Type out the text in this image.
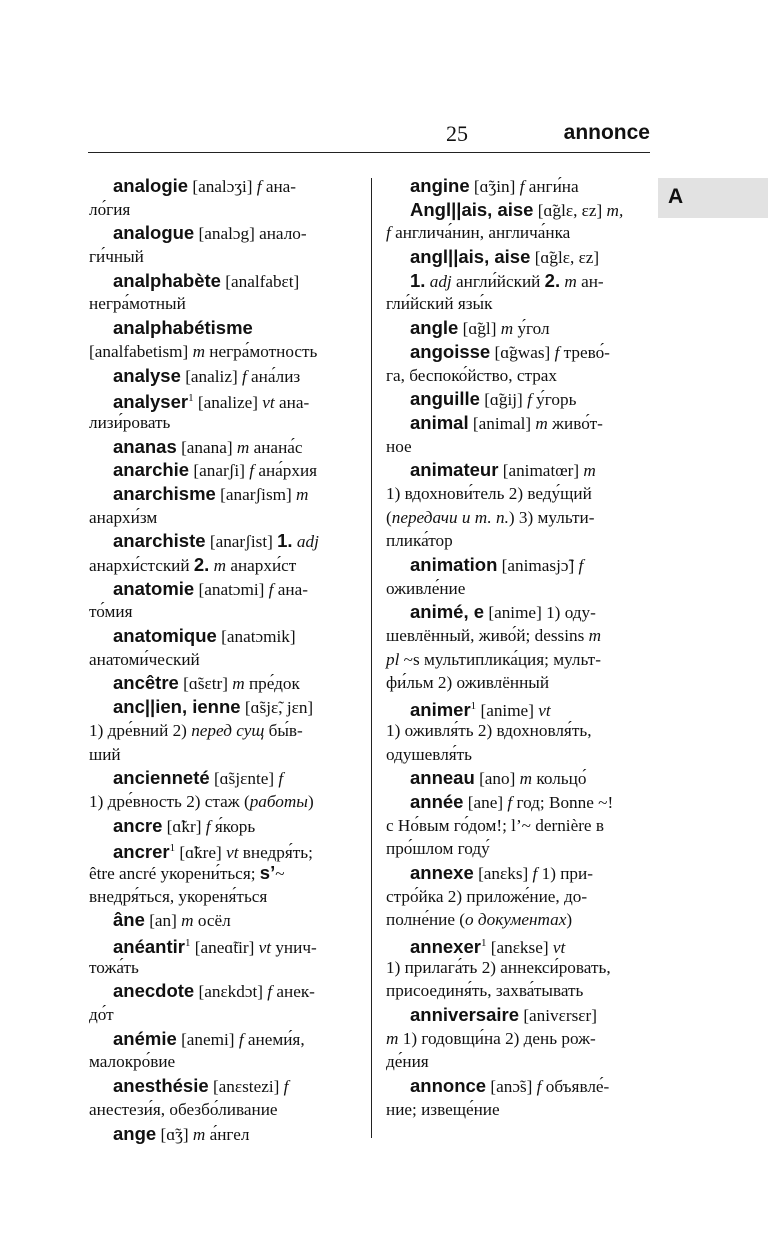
25	annonce
A
analogie [analɔʒi] f ана-
ло́гия
analogue [analɔg] анало-
ги́чный
analphabète [analfabɛt]
негра́мотный
analphabétisme
[analfabetism] m негра́мотность
analyse [analiz] f ана́лиз
analyser$^1$ [analize] vt ана-
лизи́ровать
ananas [anana] m анана́с
anarchie [anarʃi] f ана́рхия
anarchisme [anarʃism] m
анархи́зм
anarchiste [anarʃist] 1. adj
анархи́стский 2. m анархи́ст
anatomie [anatɔmi] f ана-
то́мия
anatomique [anatɔmik]
анатоми́ческий
ancêtre [ɑ̃sɛtr] m пре́док
anc||ien, ienne [ɑ̃sjɛ̃, jɛn]
1) дре́вний 2) перед сущ бы́в-
ший
ancienneté [ɑ̃sjɛnte] f
1) дре́вность 2) стаж (работы)
ancre [ɑ̃kr] f я́корь
ancrer$^1$ [ɑ̃kre] vt внедря́ть;
être ancré укорени́ться; s’~
внедря́ться, укореня́ться
âne [an] m осёл
anéantir$^1$ [aneɑ̃tir] vt унич-
тожа́ть
anecdote [anɛkdɔt] f анек-
до́т
anémie [anemi] f анеми́я,
малокро́вие
anesthésie [anɛstezi] f
анестези́я, обезбо́ливание
ange [ɑ̃ʒ] m а́нгел
angine [ɑ̃ʒin] f анги́на
Angl||ais, aise [ɑ̃glɛ, ɛz] m,
f англича́нин, англича́нка
angl||ais, aise [ɑ̃glɛ, ɛz]
1. adj англи́йский 2. m ан-
гли́йский язы́к
angle [ɑ̃gl] m у́гол
angoisse [ɑ̃gwas] f трево́-
га, беспоко́йство, страх
anguille [ɑ̃gij] f у́горь
animal [animal] m живо́т-
ное
animateur [animatœr] m
1) вдохнови́тель 2) веду́щий
(передачи и т. п.) 3) мульти-
плика́тор
animation [animasjɔ̃] f
оживле́ние
animé, e [anime] 1) оду-
шевлённый, живо́й; dessins m
pl ~s мультиплика́ция; мульт-
фи́льм 2) оживлённый
animer$^1$ [anime] vt
1) оживля́ть 2) вдохновля́ть,
одушевля́ть
anneau [ano] m кольцо́
année [ane] f год; Bonne ~!
с Но́вым го́дом!; l’~ dernière в
про́шлом году́
annexe [anɛks] f 1) при-
стро́йка 2) приложе́ние, до-
полне́ние (о документах)
annexer$^1$ [anɛkse] vt
1) прилага́ть 2) аннекси́ровать,
присоединя́ть, захва́тывать
anniversaire [anivɛrsɛr]
m 1) годовщи́на 2) день рож-
де́ния
annonce [anɔ̃s] f объявле́-
ние; извеще́ние
